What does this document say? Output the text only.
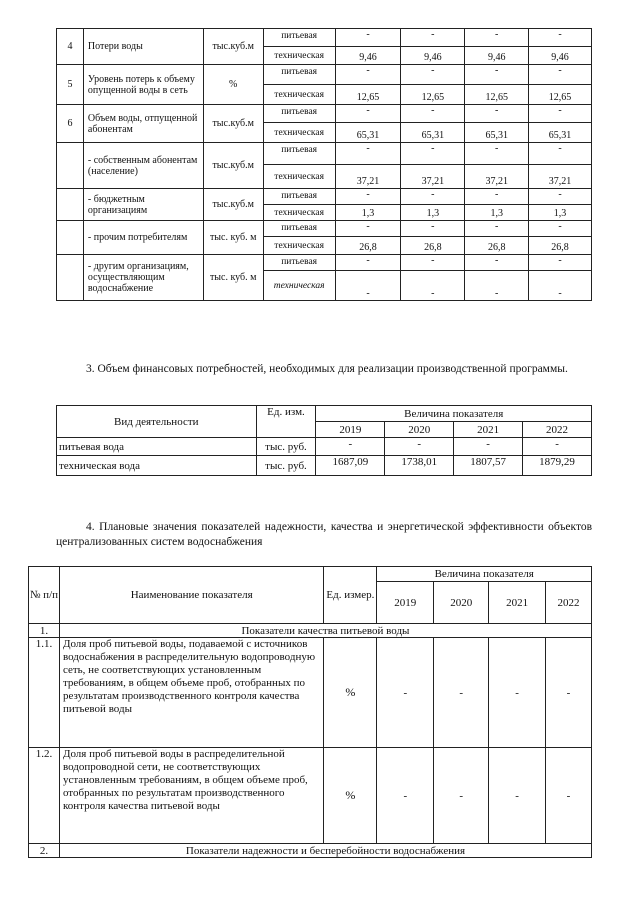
4	Потери воды	тыс.куб.м	питьевая	-	-	-	-
			техническая	9,46	9,46	9,46	9,46
5	Уровень потерь к объему опущенной воды в сеть	%	питьевая	-	-	-	-
			техническая	12,65	12,65	12,65	12,65
6	Объем воды, отпущенной абонентам	тыс.куб.м	питьевая	-	-	-	-
			техническая	65,31	65,31	65,31	65,31
	- собственным абонентам (население)	тыс.куб.м	питьевая	-	-	-	-
			техническая	37,21	37,21	37,21	37,21
	- бюджетным организациям	тыс.куб.м	питьевая	-	-	-	-
			техническая	1,3	1,3	1,3	1,3
	- прочим потребителям	тыс. куб. м	питьевая	-	-	-	-
			техническая	26,8	26,8	26,8	26,8
	- другим организациям, осуществляющим водоснабжение	тыс. куб. м	питьевая	-	-	-	-
			техническая	-	-	-	-
3. Объем финансовых потребностей, необходимых для реализации производственной программы.
Вид деятельности	Ед. изм.	Величина показателя			
		2019	2020	2021	2022
питьевая вода	тыс. руб.	-	-	-	-
техническая вода	тыс. руб.	1687,09	1738,01	1807,57	1879,29
4. Плановые значения показателей надежности, качества и энергетической эффективности объектов централизованных систем водоснабжения
№ п/п	Наименование показателя	Ед. измер.	Величина показателя			
			2019	2020	2021	2022
1.	Показатели качества питьевой воды					
1.1.	Доля проб питьевой воды, подаваемой с источников водоснабжения в распределительную водопроводную сеть, не соответствующих установленным требованиям, в общем объеме проб, отобранных по результатам производственного контроля качества питьевой воды	%	-	-	-	-
1.2.	Доля проб питьевой воды в распределительной водопроводной сети, не соответствующих установленным требованиям, в общем объеме проб, отобранных по результатам производственного контроля качества питьевой воды	%	-	-	-	-
2.	Показатели надежности и бесперебойности водоснабжения					
